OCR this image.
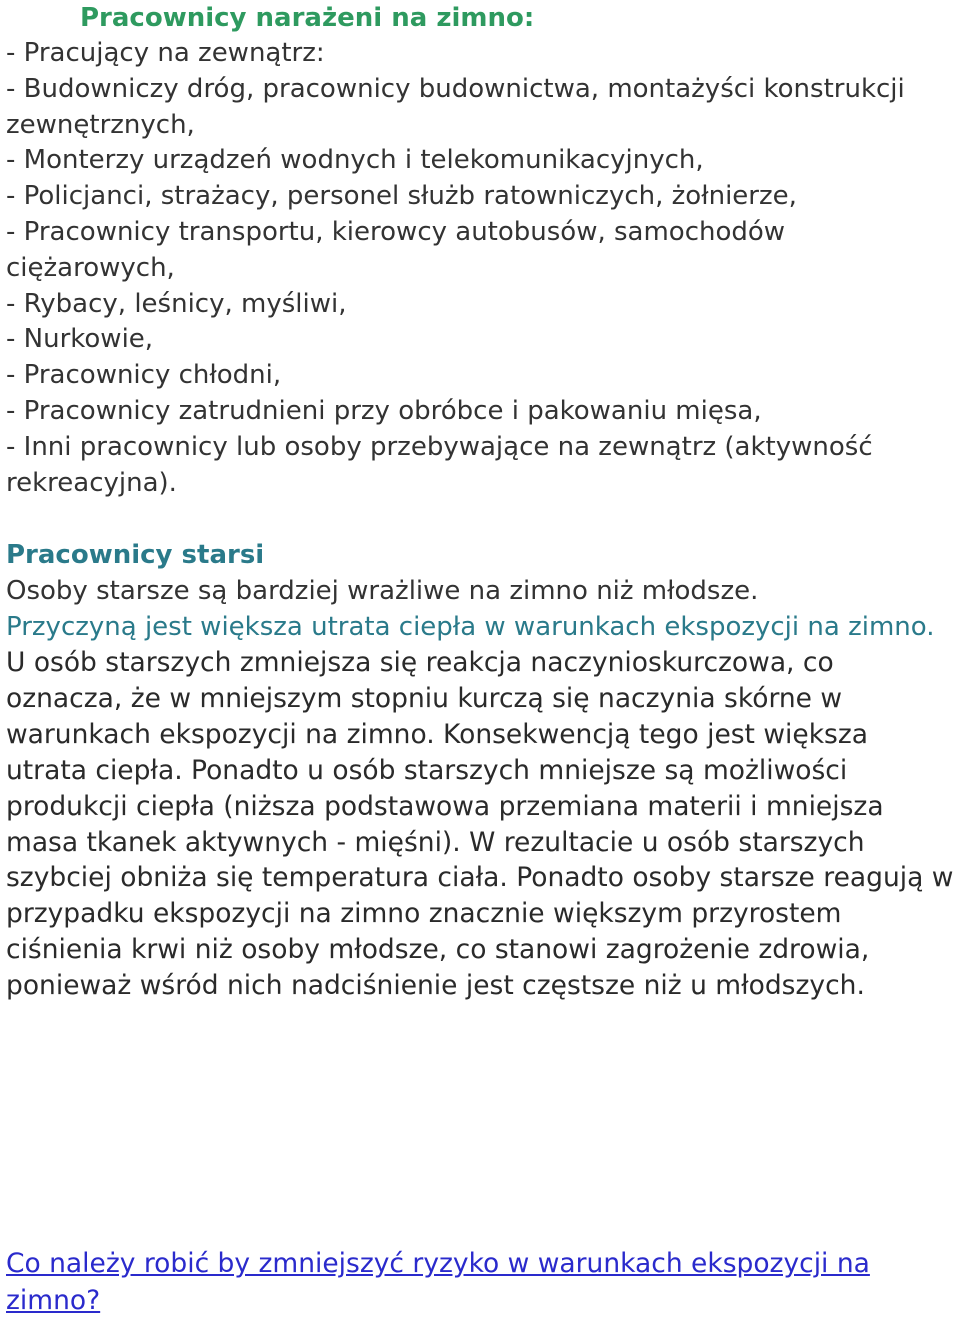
Pracownicy narażeni na zimno:
- Pracujący na zewnątrz:
- Budowniczy dróg, pracownicy budownictwa, montażyści konstrukcji zewnętrznych,
- Monterzy urządzeń wodnych i telekomunikacyjnych,
- Policjanci, strażacy, personel służb ratowniczych, żołnierze,
- Pracownicy transportu, kierowcy autobusów, samochodów ciężarowych,
- Rybacy, leśnicy, myśliwi,
- Nurkowie,
- Pracownicy chłodni,
- Pracownicy zatrudnieni przy obróbce i pakowaniu mięsa,
- Inni pracownicy lub osoby przebywające na zewnątrz (aktywność rekreacyjna).
Pracownicy starsi

Osoby starsze są bardziej wrażliwe na zimno niż młodsze.

Przyczyną jest większa utrata ciepła w warunkach ekspozycji na zimno. U osób starszych zmniejsza się reakcja naczynioskurczowa, co oznacza, że w mniejszym stopniu kurczą się naczynia skórne w warunkach ekspozycji na zimno. Konsekwencją tego jest większa utrata ciepła. Ponadto u osób starszych mniejsze są możliwości produkcji ciepła (niższa podstawowa przemiana materii i mniejsza masa tkanek aktywnych - mięśni). W rezultacie u osób starszych szybciej obniża się temperatura ciała. Ponadto osoby starsze reagują w przypadku ekspozycji na zimno znacznie większym przyrostem ciśnienia krwi niż osoby młodsze, co stanowi zagrożenie zdrowia, ponieważ wśród nich nadciśnienie jest częstsze niż u młodszych.

Co należy robić by zmniejszyć ryzyko w warunkach ekspozycji na zimno?
